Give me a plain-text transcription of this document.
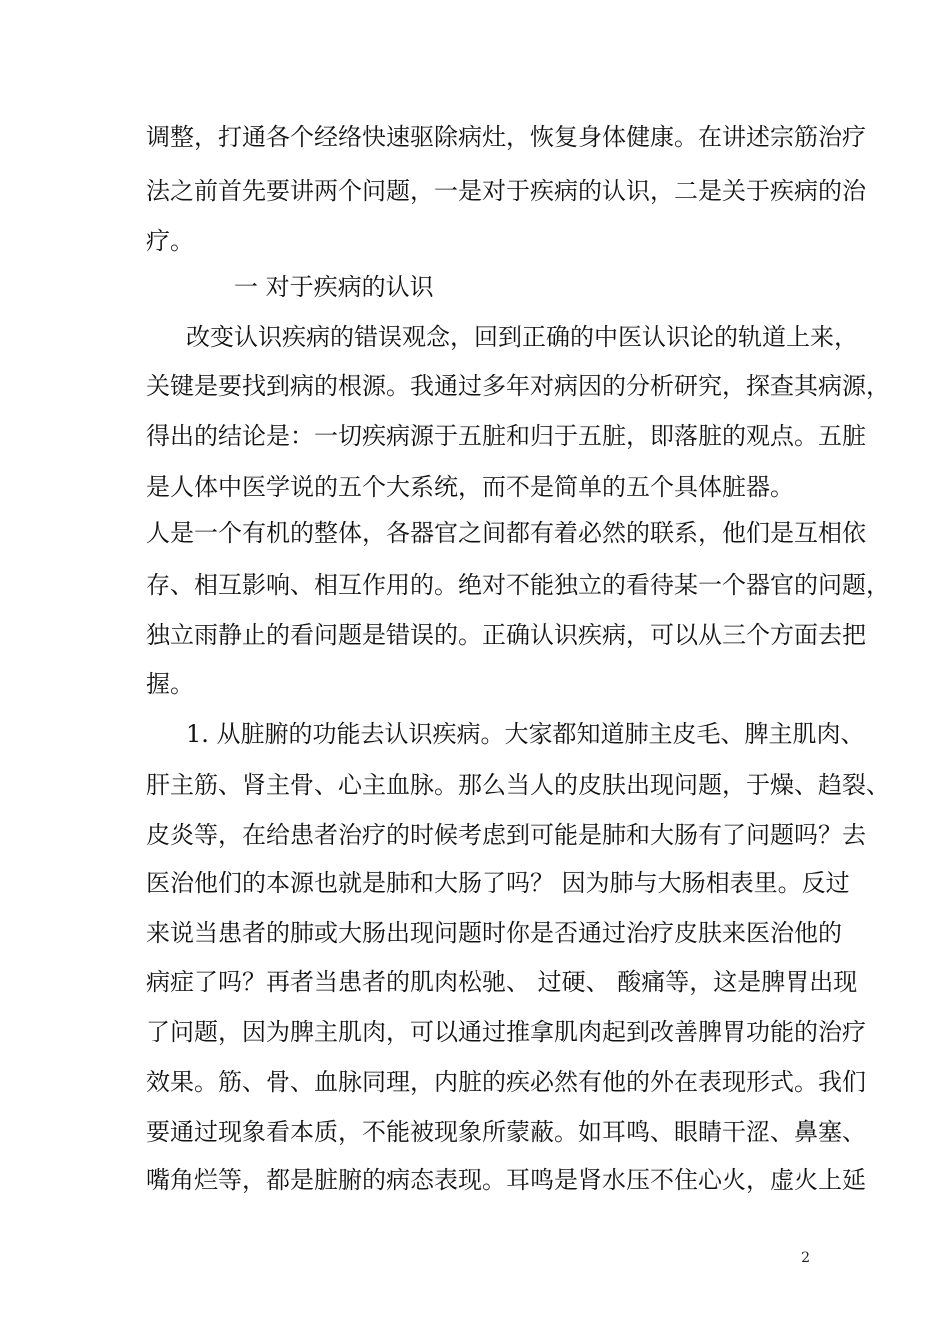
调整，打通各个经络快速驱除病灶，恢复身体健康。在讲述宗筋治疗
法之前首先要讲两个问题，一是对于疾病的认识，二是关于疾病的治
疗。
一 对于疾病的认识
改变认识疾病的错误观念，回到正确的中医认识论的轨道上来，
关键是要找到病的根源。我通过多年对病因的分析研究，探查其病源，
得出的结论是：一切疾病源于五脏和归于五脏，即落脏的观点。五脏
是人体中医学说的五个大系统，而不是简单的五个具体脏器。
人是一个有机的整体，各器官之间都有着必然的联系，他们是互相依
存、相互影响、相互作用的。绝对不能独立的看待某一个器官的问题，
独立雨静止的看问题是错误的。正确认识疾病，可以从三个方面去把
握。
1. 从脏腑的功能去认识疾病。大家都知道肺主皮毛、脾主肌肉、
肝主筋、肾主骨、心主血脉。那么当人的皮肤出现问题，于燥、趋裂、
皮炎等，在给患者治疗的时候考虑到可能是肺和大肠有了问题吗？去
医治他们的本源也就是肺和大肠了吗？ 因为肺与大肠相表里。反过
来说当患者的肺或大肠出现问题时你是否通过治疗皮肤来医治他的
病症了吗？再者当患者的肌肉松驰、 过硬、 酸痛等，这是脾胃出现
了问题，因为脾主肌肉，可以通过推拿肌肉起到改善脾胃功能的治疗
效果。筋、骨、血脉同理，内脏的疾必然有他的外在表现形式。我们
要通过现象看本质，不能被现象所蒙蔽。如耳鸣、眼睛干涩、鼻塞、
嘴角烂等，都是脏腑的病态表现。耳鸣是肾水压不住心火，虚火上延
2
